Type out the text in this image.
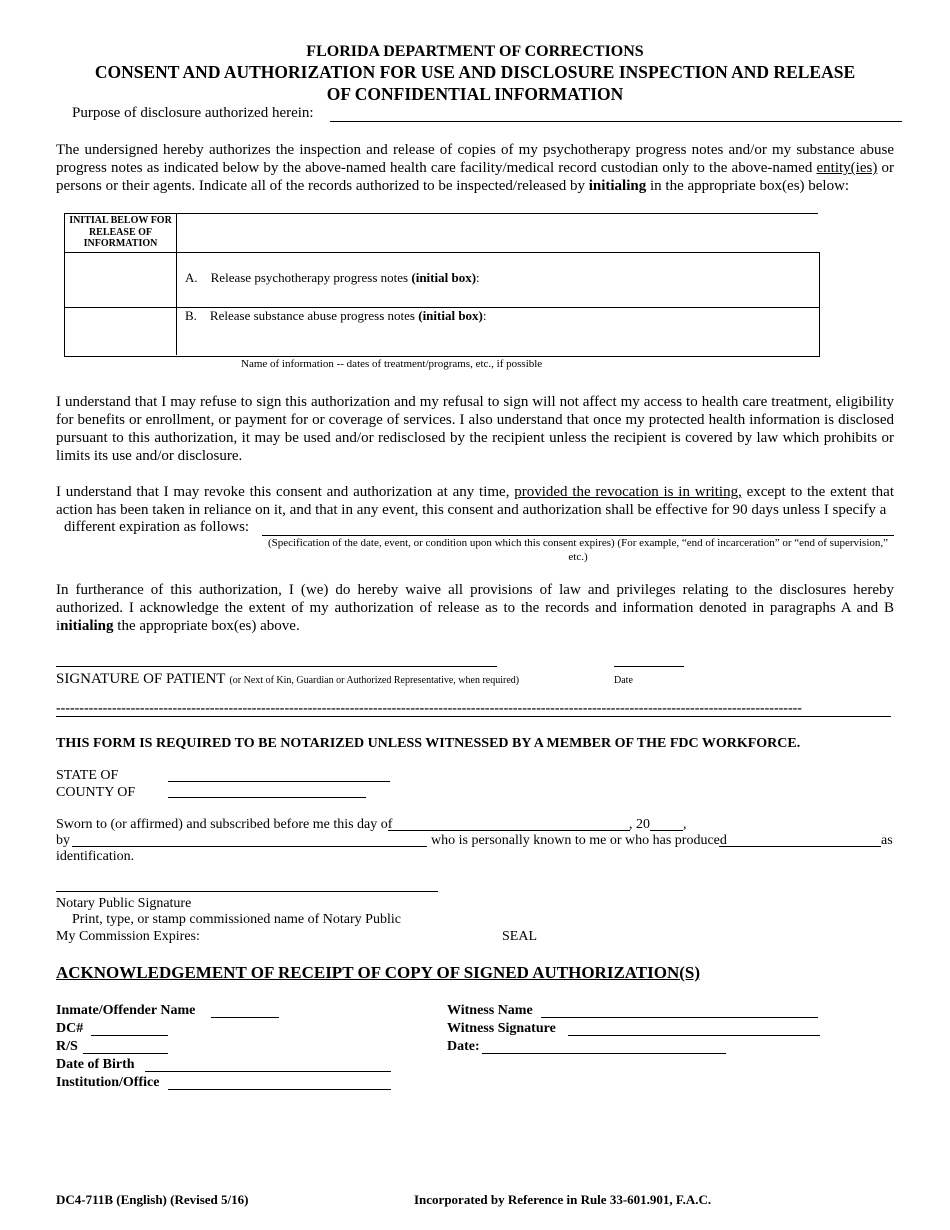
FLORIDA DEPARTMENT OF CORRECTIONS
CONSENT AND AUTHORIZATION FOR USE AND DISCLOSURE INSPECTION AND RELEASE
OF CONFIDENTIAL INFORMATION
Purpose of disclosure authorized herein:
The undersigned hereby authorizes the inspection and release of copies of my psychotherapy progress notes and/or my substance abuse progress notes as indicated below by the above-named health care facility/medical record custodian only to the above-named entity(ies) or persons or their agents. Indicate all of the records authorized to be inspected/released by initialing in the appropriate box(es) below:
INITIAL BELOW FOR RELEASE OF INFORMATION
A. Release psychotherapy progress notes (initial box):
B. Release substance abuse progress notes (initial box):
Name of information -- dates of treatment/programs, etc., if possible
I understand that I may refuse to sign this authorization and my refusal to sign will not affect my access to health care treatment, eligibility for benefits or enrollment, or payment for or coverage of services. I also understand that once my protected health information is disclosed pursuant to this authorization, it may be used and/or redisclosed by the recipient unless the recipient is covered by law which prohibits or limits its use and/or disclosure.
I understand that I may revoke this consent and authorization at any time, provided the revocation is in writing, except to the extent that action has been taken in reliance on it, and that in any event, this consent and authorization shall be effective for 90 days unless I specify a
different expiration as follows:
(Specification of the date, event, or condition upon which this consent expires) (For example, “end of incarceration” or “end of supervision,” etc.)
In furtherance of this authorization, I (we) do hereby waive all provisions of law and privileges relating to the disclosures hereby authorized. I acknowledge the extent of my authorization of release as to the records and information denoted in paragraphs A and B initialing the appropriate box(es) above.
SIGNATURE OF PATIENT (or Next of Kin, Guardian or Authorized Representative, when required)	Date
----------------------------------------------------------------------------------------------------------------------------------------------------------------
THIS FORM IS REQUIRED TO BE NOTARIZED UNLESS WITNESSED BY A MEMBER OF THE FDC WORKFORCE.
STATE OF
COUNTY OF
Sworn to (or affirmed) and subscribed before me this day of	, 20 ,
by	who is personally known to me or who has produced	as
identification.
Notary Public Signature
Print, type, or stamp commissioned name of Notary Public
My Commission Expires:	SEAL
ACKNOWLEDGEMENT OF RECEIPT OF COPY OF SIGNED AUTHORIZATION(S)
Inmate/Offender Name
DC#
R/S
Date of Birth
Institution/Office
Witness Name
Witness Signature
Date:
DC4-711B (English) (Revised 5/16)	Incorporated by Reference in Rule 33-601.901, F.A.C.
